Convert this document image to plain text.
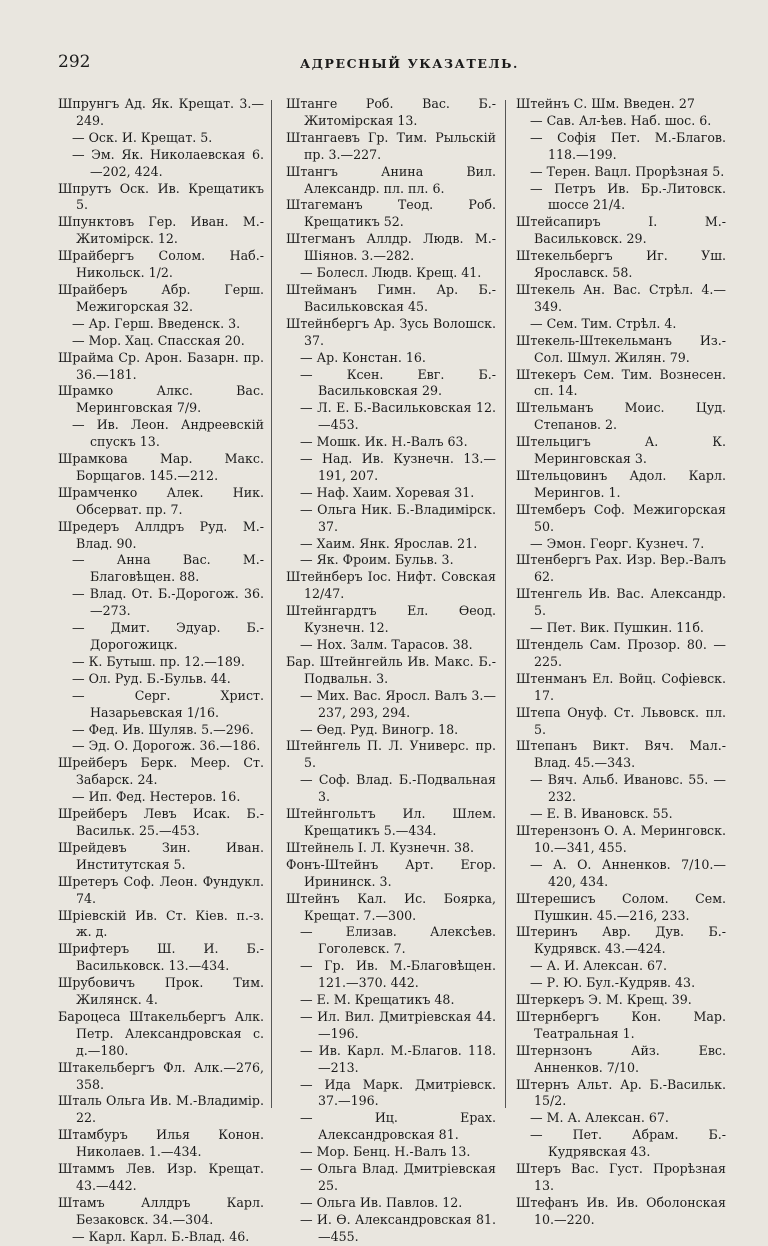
292	АДРЕСНЫЙ УКАЗАТЕЛЬ.

Шпрунгъ Ад. Як. Крещат. 3.—249.

— Оск. И. Крещат. 5.

— Эм. Як. Николаевская 6.—202, 424.

Шпрутъ Оск. Ив. Крещатикъ 5.

Шпунктовъ Гер. Иван. М.-Житомірск. 12.

Шрайбергъ Солом. Наб.-Никольск. 1/2.

Шрайберъ Абр. Герш. Межигорская 32.

— Ар. Герш. Введенск. 3.

— Мор. Хац. Спасская 20.

Шрайма Ср. Арон. Базарн. пр. 36.—181.

Шрамко Алкс. Вас. Меринговская 7/9.

— Ив. Леон. Андреевскій спускъ 13.

Шрамкова Мар. Макс. Борщагов. 145.—212.

Шрамченко Алек. Ник. Обсерват. пр. 7.

Шредеръ Аллдръ Руд. М.-Влад. 90.

— Анна Вас. М.-Благовѣщен. 88.

— Влад. От. Б.-Дорогож. 36.—273.

— Дмит. Эдуар. Б.-Дорогожицк.

— К. Бутыш. пр. 12.—189.

— Ол. Руд. Б.-Бульв. 44.

— Серг. Христ. Назарьевская 1/16.

— Фед. Ив. Шуляв. 5.—296.

— Эд. О. Дорогож. 36.—186.

Шрейберъ Берк. Меер. Ст. Забарск. 24.

— Ип. Фед. Нестеров. 16.

Шрейберъ Левъ Исак. Б.-Васильк. 25.—453.

Шрейдевъ Зин. Иван. Институтская 5.

Шретеръ Соф. Леон. Фундукл. 74.

Шріевскій Ив. Ст. Кіев. п.-з. ж. д.

Шрифтеръ Ш. И. Б.-Васильковск. 13.—434.

Шрубовичъ Прок. Тим. Жилянск. 4.

Бароцеса Штакельбергъ Алк. Петр. Александровская с. д.—180.

Штакельбергъ Фл. Алк.—276, 358.

Шталь Ольга Ив. М.-Владимір. 22.

Штамбуръ Илья Конон. Николаев. 1.—434.

Штаммъ Лев. Изр. Крещат. 43.—442.

Штамъ Аллдръ Карл. Безаковск. 34.—304.

— Карл. Карл. Б.-Влад. 46.

Штанге Роб. Вас. Б.-Житомірская 13.

Штангаевъ Гр. Тим. Рыльскій пр. 3.—227.

Штангъ Анина Вил. Александр. пл. пл. 6.

Штагеманъ Теод. Роб. Крещатикъ 52.

Штегманъ Аллдр. Людв. М.-Шіянов. 3.—282.

— Болесл. Людв. Крещ. 41.

Штейманъ Гимн. Ар. Б.-Васильковская 45.

Штейнбергъ Ар. Зусь Волошск. 37.

— Ар. Констан. 16.

— Ксен. Евг. Б.-Васильковская 29.

— Л. Е. Б.-Васильковская 12.—453.

— Мошк. Ик. Н.-Валъ 63.

— Над. Ив. Кузнечн. 13.—191, 207.

— Наф. Хаим. Хоревая 31.

— Ольга Ник. Б.-Владимірск. 37.

— Хаим. Янк. Ярослав. 21.

— Як. Фроим. Бульв. 3.

Штейнберъ Іос. Нифт. Совская 12/47.

Штейнгардтъ Ел. Өеод. Кузнечн. 12.

— Нох. Залм. Тарасов. 38.

Бар. Штейнгейль Ив. Макс. Б.-Подвальн. 3.

— Мих. Вас. Яросл. Валъ 3.—237, 293, 294.

— Өед. Руд. Виногр. 18.

Штейнгель П. Л. Универс. пр. 5.

— Соф. Влад. Б.-Подвальная 3.

Штейнгольтъ Ил. Шлем. Крещатикъ 5.—434.

Штейнель I. Л. Кузнечн. 38.

Фонъ-Штейнъ Арт. Егор. Ирининск. 3.

Штейнъ Кал. Ис. Боярка, Крещат. 7.—300.

— Елизав. Алексѣев. Гоголевск. 7.

— Гр. Ив. М.-Благовѣщен. 121.—370. 442.

— Е. М. Крещатикъ 48.

— Ил. Вил. Дмитріевская 44.—196.

— Ив. Карл. М.-Благов. 118.—213.

— Ида Марк. Дмитріевск. 37.—196.

— Иц. Ерах. Александровская 81.

— Мор. Бенц. Н.-Валъ 13.

— Ольга Влад. Дмитріевская 25.

— Ольга Ив. Павлов. 12.

— И. Ө. Александровская 81.—455.

Штейнъ С. Шм. Введен. 27

— Сав. Ал-ѣев. Наб. шос. 6.

— Софія Пет. М.-Благов. 118.—199.

— Терен. Вацл. Прорѣзная 5.

— Петръ Ив. Бр.-Литовск. шоссе 21/4.

Штейсапиръ I. М.-Васильковск. 29.

Штекельбергъ Иг. Уш. Ярославск. 58.

Штекель Ан. Вас. Стрѣл. 4.—349.

— Сем. Тим. Стрѣл. 4.

Штекель-Штекельманъ Из.-Сол. Шмул. Жилян. 79.

Штекеръ Сем. Тим. Вознесен. сп. 14.

Штельманъ Моис. Цуд. Степанов. 2.

Штельцигъ А. К. Меринговская 3.

Штельцовинъ Адол. Карл. Мерингов. 1.

Штемберъ Соф. Межигорская 50.

— Эмон. Георг. Кузнеч. 7.

Штенбергъ Рах. Изр. Вер.-Валъ 62.

Штенгель Ив. Вас. Александр. 5.

— Пет. Вик. Пушкин. 11б.

Штендель Сам. Прозор. 80. —225.

Штенманъ Ел. Войц. Софіевск. 17.

Штепа Онуф. Ст. Львовск. пл. 5.

Штепанъ Викт. Вяч. Мал.-Влад. 45.—343.

— Вяч. Альб. Ивановс. 55. —232.

— Е. В. Ивановск. 55.

Штерензонъ О. А. Меринговск. 10.—341, 455.

— А. О. Анненков. 7/10.—420, 434.

Штерешисъ Солом. Сем. Пушкин. 45.—216, 233.

Штеринъ Авр. Дув. Б.-Кудрявск. 43.—424.

— А. И. Алексан. 67.

— Р. Ю. Бул.-Кудряв. 43.

Штеркеръ Э. М. Крещ. 39.

Штернбергъ Кон. Мар. Театральная 1.

Штернзонъ Айз. Евс. Анненков. 7/10.

Штернъ Альт. Ар. Б.-Васильк. 15/2.

— М. А. Алексан. 67.

— Пет. Абрам. Б.-Кудрявская 43.

Штеръ Вас. Густ. Прорѣзная 13.

Штефанъ Ив. Ив. Оболонская 10.—220.
